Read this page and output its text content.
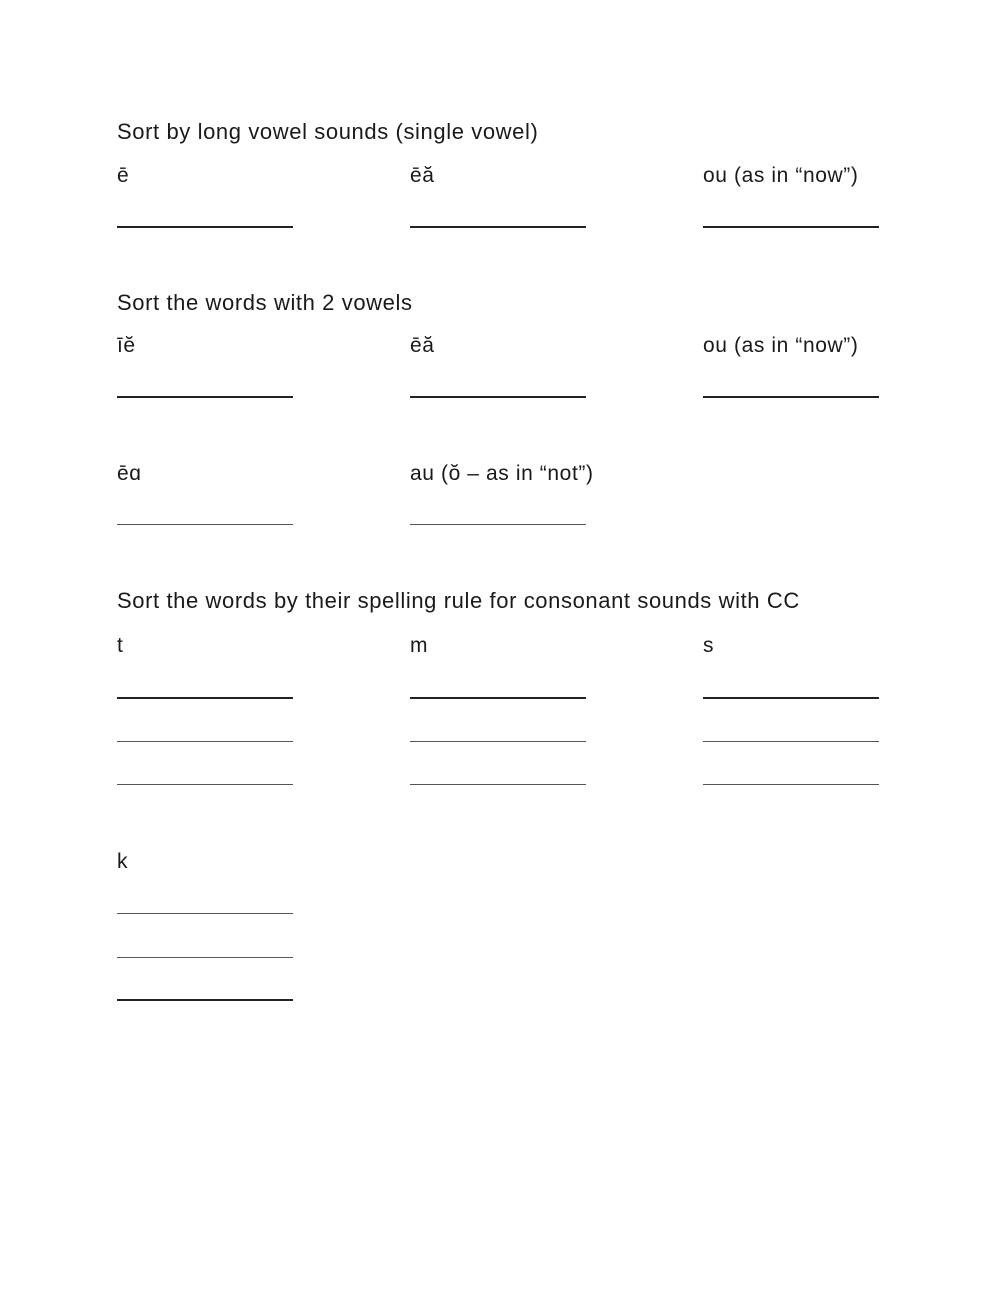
Sort by long vowel sounds (single vowel)
ē	ēă	ou (as in “now”)
Sort the words with 2 vowels
īĕ	ēă	ou (as in “now”)
ēɑ	au (ŏ – as in “not”)
Sort the words by their spelling rule for consonant sounds with CC
t	m	s
k
